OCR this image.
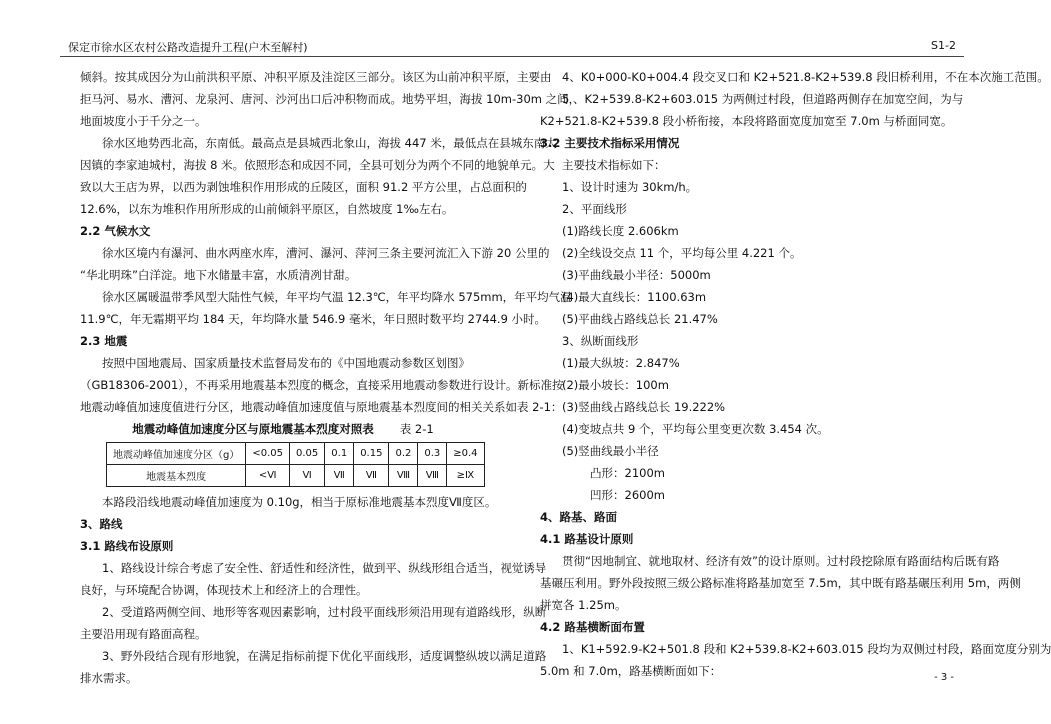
保定市徐水区农村公路改造提升工程(户木至解村)	S1-2
倾斜。按其成因分为山前洪积平原、冲积平原及洼淀区三部分。该区为山前冲积平原，主要由
拒马河、易水、漕河、龙泉河、唐河、沙河出口后冲积物而成。地势平坦，海拔 10m-30m 之间，
地面坡度小于千分之一。
徐水区地势西北高，东南低。最高点是县城西北象山，海拔 447 米，最低点在县城东南大
因镇的李家迪城村，海拔 8 米。依照形态和成因不同，全县可划分为两个不同的地貌单元。大
致以大王店为界，以西为剥蚀堆积作用形成的丘陵区，面积 91.2 平方公里，占总面积的
12.6%，以东为堆积作用所形成的山前倾斜平原区，自然坡度 1‰左右。
2.2 气候水文
徐水区境内有瀑河、曲水两座水库，漕河、瀑河、萍河三条主要河流汇入下游 20 公里的
“华北明珠”白洋淀。地下水储量丰富，水质清冽甘甜。
徐水区属暖温带季风型大陆性气候，年平均气温 12.3℃，年平均降水 575mm，年平均气温
11.9℃，年无霜期平均 184 天，年均降水量 546.9 毫米，年日照时数平均 2744.9 小时。
2.3 地震
按照中国地震局、国家质量技术监督局发布的《中国地震动参数区划图》
（GB18306-2001），不再采用地震基本烈度的概念，直接采用地震动参数进行设计。新标准按
地震动峰值加速度值进行分区，地震动峰值加速度值与原地震基本烈度间的相关关系如表 2-1：
地震动峰值加速度分区与原地震基本烈度对照表 表 2-1
地震动峰值加速度分区（g）	<0.05	0.05	0.1	0.15	0.2	0.3	≥0.4
地震基本烈度	<Ⅵ	Ⅵ	Ⅶ	Ⅶ	Ⅷ	Ⅷ	≥Ⅸ
本路段沿线地震动峰值加速度为 0.10g，相当于原标准地震基本烈度Ⅶ度区。
3、路线
3.1 路线布设原则
1、路线设计综合考虑了安全性、舒适性和经济性，做到平、纵线形组合适当，视觉诱导
良好，与环境配合协调，体现技术上和经济上的合理性。
2、受道路两侧空间、地形等客观因素影响，过村段平面线形须沿用现有道路线形，纵断
主要沿用现有路面高程。
3、野外段结合现有形地貌，在满足指标前提下优化平面线形，适度调整纵坡以满足道路
排水需求。
4、K0+000-K0+004.4 段交叉口和 K2+521.8-K2+539.8 段旧桥利用，不在本次施工范围。
5 、K2+539.8-K2+603.015 为两侧过村段，但道路两侧存在加宽空间，为与
K2+521.8-K2+539.8 段小桥衔接，本段将路面宽度加宽至 7.0m 与桥面同宽。
3.2 主要技术指标采用情况
主要技术指标如下：
1、设计时速为 30km/h。
2、平面线形
(1)路线长度 2.606km
(2)全线设交点 11 个，平均每公里 4.221 个。
(3)平曲线最小半径：5000m
(4)最大直线长：1100.63m
(5)平曲线占路线总长 21.47%
3、纵断面线形
(1)最大纵坡：2.847%
(2)最小坡长：100m
(3)竖曲线占路线总长 19.222%
(4)变坡点共 9 个，平均每公里变更次数 3.454 次。
(5)竖曲线最小半径
凸形：2100m
凹形：2600m
4、路基、路面
4.1 路基设计原则
贯彻“因地制宜、就地取材、经济有效”的设计原则。过村段挖除原有路面结构后既有路
基碾压利用。野外段按照三级公路标准将路基加宽至 7.5m，其中既有路基碾压利用 5m，两侧
拼宽各 1.25m。
4.2 路基横断面布置
1、K1+592.9-K2+501.8 段和 K2+539.8-K2+603.015 段均为双侧过村段，路面宽度分别为
5.0m 和 7.0m，路基横断面如下：	- 3 -
